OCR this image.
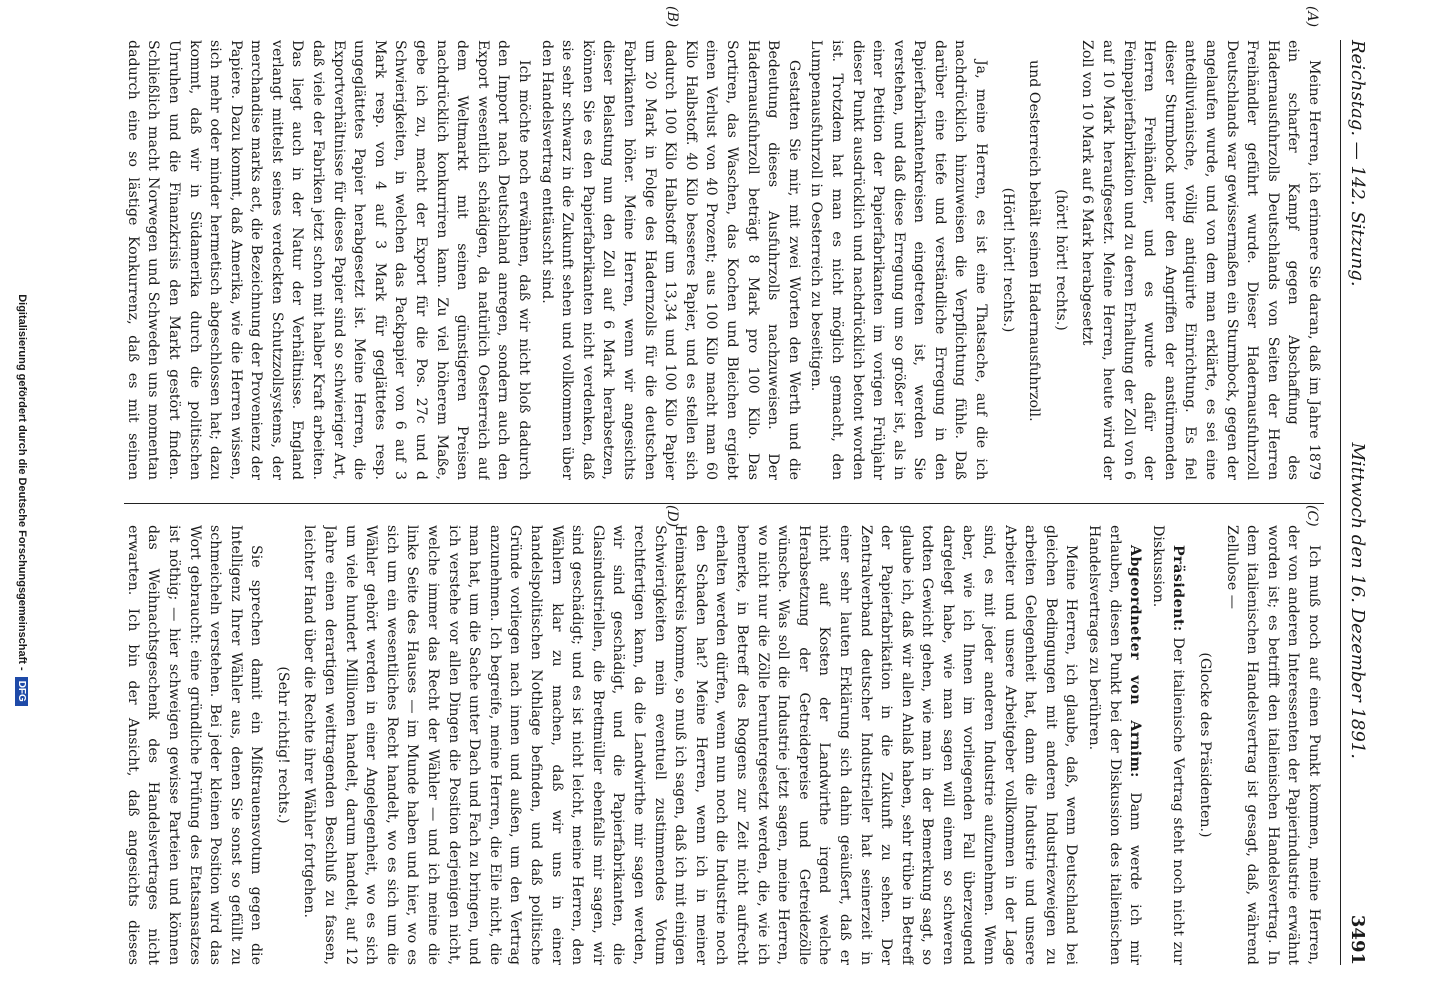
Reichstag. — 142. Sitzung.
Mittwoch den 16. Dezember 1891.
3491

Meine Herren, ich erinnere Sie daran, daß im Jahre 1879 ein scharfer Kampf gegen Abschaffung des Hadernausfuhrzolls Deutschlands von Seiten der Herren Freihändler geführt wurde. Dieser Hadernausfuhrzoll Deutschlands war gewissermaßen ein Sturmbock, gegen der angelaufen wurde, und von dem man erklärte, es sei eine antediluvianische, völlig antiquirte Einrichtung. Es fiel dieser Sturmbock unter den Angriffen der anstürmenden Herren Freihändler, und es wurde dafür der Feinpapierfabrikation und zu deren Erhaltung der Zoll von 6 auf 10 Mark heraufgesetzt. Meine Herren, heute wird der Zoll von 10 Mark auf 6 Mark herabgesetzt

(hört! hört! rechts.)

und Oesterreich behält seinen Hadernausfuhrzoll.

(Hört! hört! rechts.)

Ja, meine Herren, es ist eine Thatsache, auf die ich nachdrücklich hinzuweisen die Verpflichtung fühle. Daß darüber eine tiefe und verständliche Erregung in den Papierfabrikantenkreisen eingetreten ist, werden Sie verstehen, und daß diese Erregung um so größer ist, als in einer Petition der Papierfabrikanten im vorigen Frühjahr dieser Punkt ausdrücklich und nachdrücklich betont worden ist. Trotzdem hat man es nicht möglich gemacht, den Lumpenausfuhrzoll in Oesterreich zu beseitigen.

Gestatten Sie mir, mit zwei Worten den Werth und die Bedeutung dieses Ausfuhrzolls nachzuweisen. Der Hadernausfuhrzoll beträgt 8 Mark pro 100 Kilo. Das Sortiren, das Waschen, das Kochen und Bleichen ergiebt einen Verlust von 40 Prozent; aus 100 Kilo macht man 60 Kilo Halbstoff. 40 Kilo besseres Papier, und es stellen sich dadurch 100 Kilo Halbstoff um 13,34 und 100 Kilo Papier um 20 Mark in Folge des Hadernzolls für die deutschen Fabrikanten höher. Meine Herren, wenn wir angesichts dieser Belastung nun den Zoll auf 6 Mark herabsetzen, können Sie es den Papierfabrikanten nicht verdenken, daß sie sehr schwarz in die Zukunft sehen und vollkommen über den Handelsvertrag enttäuscht sind.

Ich möchte noch erwähnen, daß wir nicht bloß dadurch den Import nach Deutschland anregen, sondern auch den Export wesentlich schädigen, da natürlich Oesterreich auf dem Weltmarkt mit seinen günstigeren Preisen nachdrücklich konkurriren kann. Zu viel höherem Maße, gebe ich zu, macht der Export für die Pos. 27c und d Schwierigkeiten, in welchen das Packpapier von 6 auf 3 Mark resp. von 4 auf 3 Mark für geglättetes resp. ungeglättetes Papier herabgesetzt ist. Meine Herren, die Exportverhältnisse für dieses Papier sind so schwieriger Art, daß viele der Fabriken jetzt schon mit halber Kraft arbeiten. Das liegt auch in der Natur der Verhältnisse. England verlangt mittelst seines verdeckten Schutzzollsystems, der merchandise marks act, die Bezeichnung der Provenienz der Papiere. Dazu kommt, daß Amerika, wie die Herren wissen, sich mehr oder minder hermetisch abgeschlossen hat; dazu kommt, daß wir in Südamerika durch die politischen Unruhen und die Finanzkrisis den Markt gestört finden. Schließlich macht Norwegen und Schweden uns momentan dadurch eine so lästige Konkurrenz, daß es mit seinen

Ich muß noch auf einen Punkt kommen, meine Herren, der von anderen Interessenten der Papierindustrie erwähnt worden ist; es betrifft den italienischen Handelsvertrag. In dem italienischen Handelsvertrag ist gesagt, daß, während Zellulose —

(Glocke des Präsidenten.)

Präsident: Der italienische Vertrag steht noch nicht zur Diskussion.

Abgeordneter von Arnim: Dann werde ich mir erlauben, diesen Punkt bei der Diskussion des italienischen Handelsvertrages zu berühren.

Meine Herren, ich glaube, daß, wenn Deutschland bei gleichen Bedingungen mit anderen Industriezweigen zu arbeiten Gelegenheit hat, dann die Industrie und unsere Arbeiter und unsere Arbeitgeber vollkommen in der Lage sind, es mit jeder anderen Industrie aufzunehmen. Wenn aber, wie ich Ihnen im vorliegenden Fall überzeugend dargelegt habe, wie man sagen will einem so schweren todten Gewicht gehen, wie man in der Bemerkung sagt, so glaube ich, daß wir allen Anlaß haben, sehr trübe in Betreff der Papierfabrikation in die Zukunft zu sehen. Der Zentralverband deutscher Industrieller hat seinerzeit in einer sehr lauten Erklärung sich dahin geäußert, daß er nicht auf Kosten der Landwirthe irgend welche Herabsetzung der Getreidepreise und Getreidezölle wünsche. Was soll die Industrie jetzt sagen, meine Herren, wo nicht nur die Zölle heruntergesetzt werden, die, wie ich bemerke, in Betreff des Roggens zur Zeit nicht aufrecht erhalten werden dürfen, wenn nun noch die Industrie noch den Schaden hat? Meine Herren, wenn ich in meiner Heimatskreis komme, so muß ich sagen, daß ich mit einigen Schwierigkeiten mein eventuell zustimmendes Votum rechtfertigen kann, da die Landwirthe mir sagen werden, wir sind geschädigt, und die Papierfabrikanten, die Glasindustriellen, die Brettmüller ebenfalls mir sagen, wir sind geschädigt; und es ist nicht leicht, meine Herren, den Wählern klar zu machen, daß wir uns in einer handelspolitischen Nothlage befinden, und daß politische Gründe vorliegen nach innen und außen, um den Vertrag anzunehmen. Ich begreife, meine Herren, die Eile nicht, die man hat, um die Sache unter Dach und Fach zu bringen, und ich verstehe vor allen Dingen die Position derjenigen nicht, welche immer das Recht der Wähler — und ich meine die linke Seite des Hauses — im Munde haben und hier, wo es sich um ein wesentliches Recht handelt, wo es sich um die Wähler gehört werden in einer Angelegenheit, wo es sich um viele hundert Millionen handelt, darum handelt, auf 12 Jahre einen derartigen weittragenden Beschluß zu fassen, leichter Hand über die Rechte ihrer Wähler fortgehen.

(Sehr richtig! rechts.)

Sie sprechen damit ein Mißtrauensvotum gegen die Intelligenz Ihrer Wähler aus, denen Sie sonst so gefüllt zu schmeicheln verstehen. Bei jeder kleinen Position wird das Wort gebraucht: eine gründliche Prüfung des Etatsansatzes ist nöthig; — hier schweigen gewisse Parteien und können das Weihnachtsgeschenk des Handelsvertrages nicht erwarten. Ich bin der Ansicht, daß angesichts dieses

(A)
(B)
(C)
(D)
Digitalisierung gefördert durch die Deutsche Forschungsgemeinschaft -
DFG
